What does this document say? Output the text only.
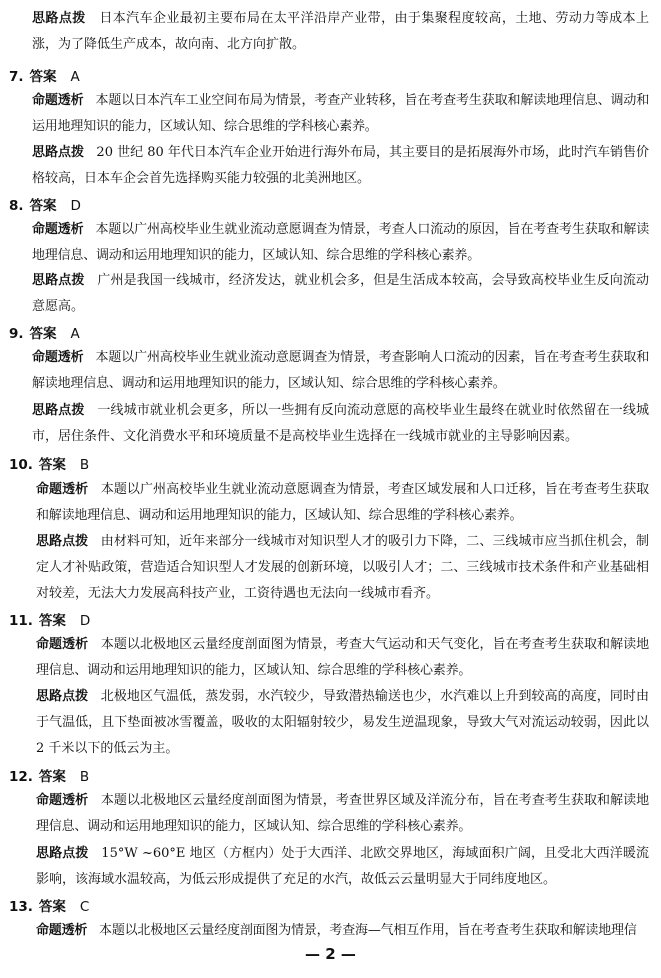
思路点拨 日本汽车企业最初主要布局在太平洋沿岸产业带，由于集聚程度较高，土地、劳动力等成本上涨，为了降低生产成本，故向南、北方向扩散。

7. 答案 A

命题透析 本题以日本汽车工业空间布局为情景，考查产业转移，旨在考查考生获取和解读地理信息、调动和运用地理知识的能力，区域认知、综合思维的学科核心素养。

思路点拨 20 世纪 80 年代日本汽车企业开始进行海外布局，其主要目的是拓展海外市场，此时汽车销售价格较高，日本车企会首先选择购买能力较强的北美洲地区。

8. 答案 D

命题透析 本题以广州高校毕业生就业流动意愿调查为情景，考查人口流动的原因，旨在考查考生获取和解读地理信息、调动和运用地理知识的能力，区域认知、综合思维的学科核心素养。

思路点拨 广州是我国一线城市，经济发达，就业机会多，但是生活成本较高，会导致高校毕业生反向流动意愿高。

9. 答案 A

命题透析 本题以广州高校毕业生就业流动意愿调查为情景，考查影响人口流动的因素，旨在考查考生获取和解读地理信息、调动和运用地理知识的能力，区域认知、综合思维的学科核心素养。

思路点拨 一线城市就业机会更多，所以一些拥有反向流动意愿的高校毕业生最终在就业时依然留在一线城市，居住条件、文化消费水平和环境质量不是高校毕业生选择在一线城市就业的主导影响因素。

10. 答案 B

命题透析 本题以广州高校毕业生就业流动意愿调查为情景，考查区域发展和人口迁移，旨在考查考生获取和解读地理信息、调动和运用地理知识的能力，区域认知、综合思维的学科核心素养。

思路点拨 由材料可知，近年来部分一线城市对知识型人才的吸引力下降，二、三线城市应当抓住机会，制定人才补贴政策，营造适合知识型人才发展的创新环境，以吸引人才；二、三线城市技术条件和产业基础相对较差，无法大力发展高科技产业，工资待遇也无法向一线城市看齐。

11. 答案 D

命题透析 本题以北极地区云量经度剖面图为情景，考查大气运动和天气变化，旨在考查考生获取和解读地理信息、调动和运用地理知识的能力，区域认知、综合思维的学科核心素养。

思路点拨 北极地区气温低，蒸发弱，水汽较少，导致潜热输送也少，水汽难以上升到较高的高度，同时由于气温低，且下垫面被冰雪覆盖，吸收的太阳辐射较少，易发生逆温现象，导致大气对流运动较弱，因此以 2 千米以下的低云为主。

12. 答案 B

命题透析 本题以北极地区云量经度剖面图为情景，考查世界区域及洋流分布，旨在考查考生获取和解读地理信息、调动和运用地理知识的能力，区域认知、综合思维的学科核心素养。

思路点拨 15°W ~60°E 地区（方框内）处于大西洋、北欧交界地区，海域面积广阔，且受北大西洋暖流影响，该海域水温较高，为低云形成提供了充足的水汽，故低云云量明显大于同纬度地区。

13. 答案 C

命题透析 本题以北极地区云量经度剖面图为情景，考查海—气相互作用，旨在考查考生获取和解读地理信

— 2 —
